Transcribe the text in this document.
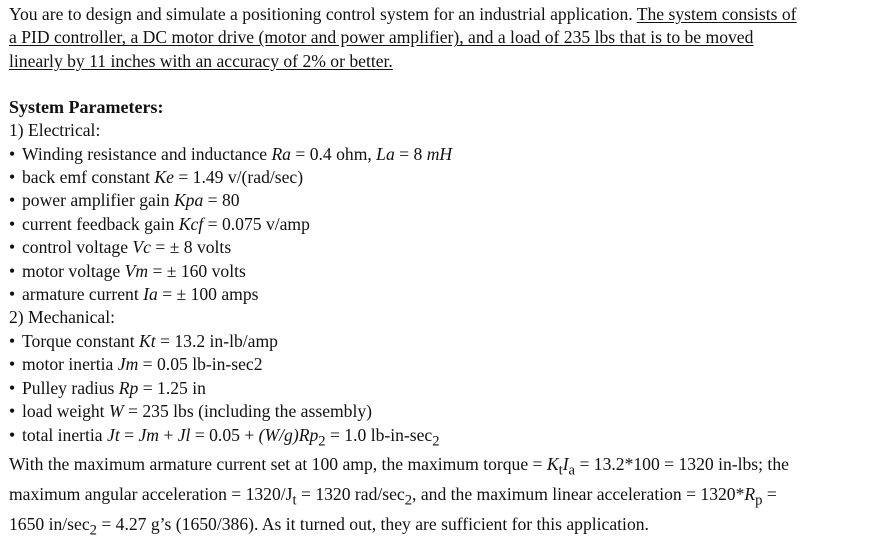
You are to design and simulate a positioning control system for an industrial application. The system consists of
a PID controller, a DC motor drive (motor and power amplifier), and a load of 235 lbs that is to be moved
linearly by 11 inches with an accuracy of 2% or better.
System Parameters:
1) Electrical:
• Winding resistance and inductance Ra = 0.4 ohm, La = 8 mH
• back emf constant Ke = 1.49 v/(rad/sec)
• power amplifier gain Kpa = 80
• current feedback gain Kcf = 0.075 v/amp
• control voltage Vc = ± 8 volts
• motor voltage Vm = ± 160 volts
• armature current Ia = ± 100 amps
2) Mechanical:
• Torque constant Kt = 13.2 in-lb/amp
• motor inertia Jm = 0.05 lb-in-sec2
• Pulley radius Rp = 1.25 in
• load weight W = 235 lbs (including the assembly)
• total inertia $Jt = Jm + Jl = 0.05 + (W/g)Rp_2 = 1.0$ $lb-in-\sec_2$
With the maximum armature current set at 100 amp, the maximum torque = $K_tI_a = 13.2*100 = 1320$ in-lbs; the
maximum angular acceleration = $1320/J_t = 1320$ rad/$\sec_2$, and the maximum linear acceleration = $1320*R_p$ =
1650 $in/\sec_2 = 4.27$ g’s (1650/386). As it turned out, they are sufficient for this application.
